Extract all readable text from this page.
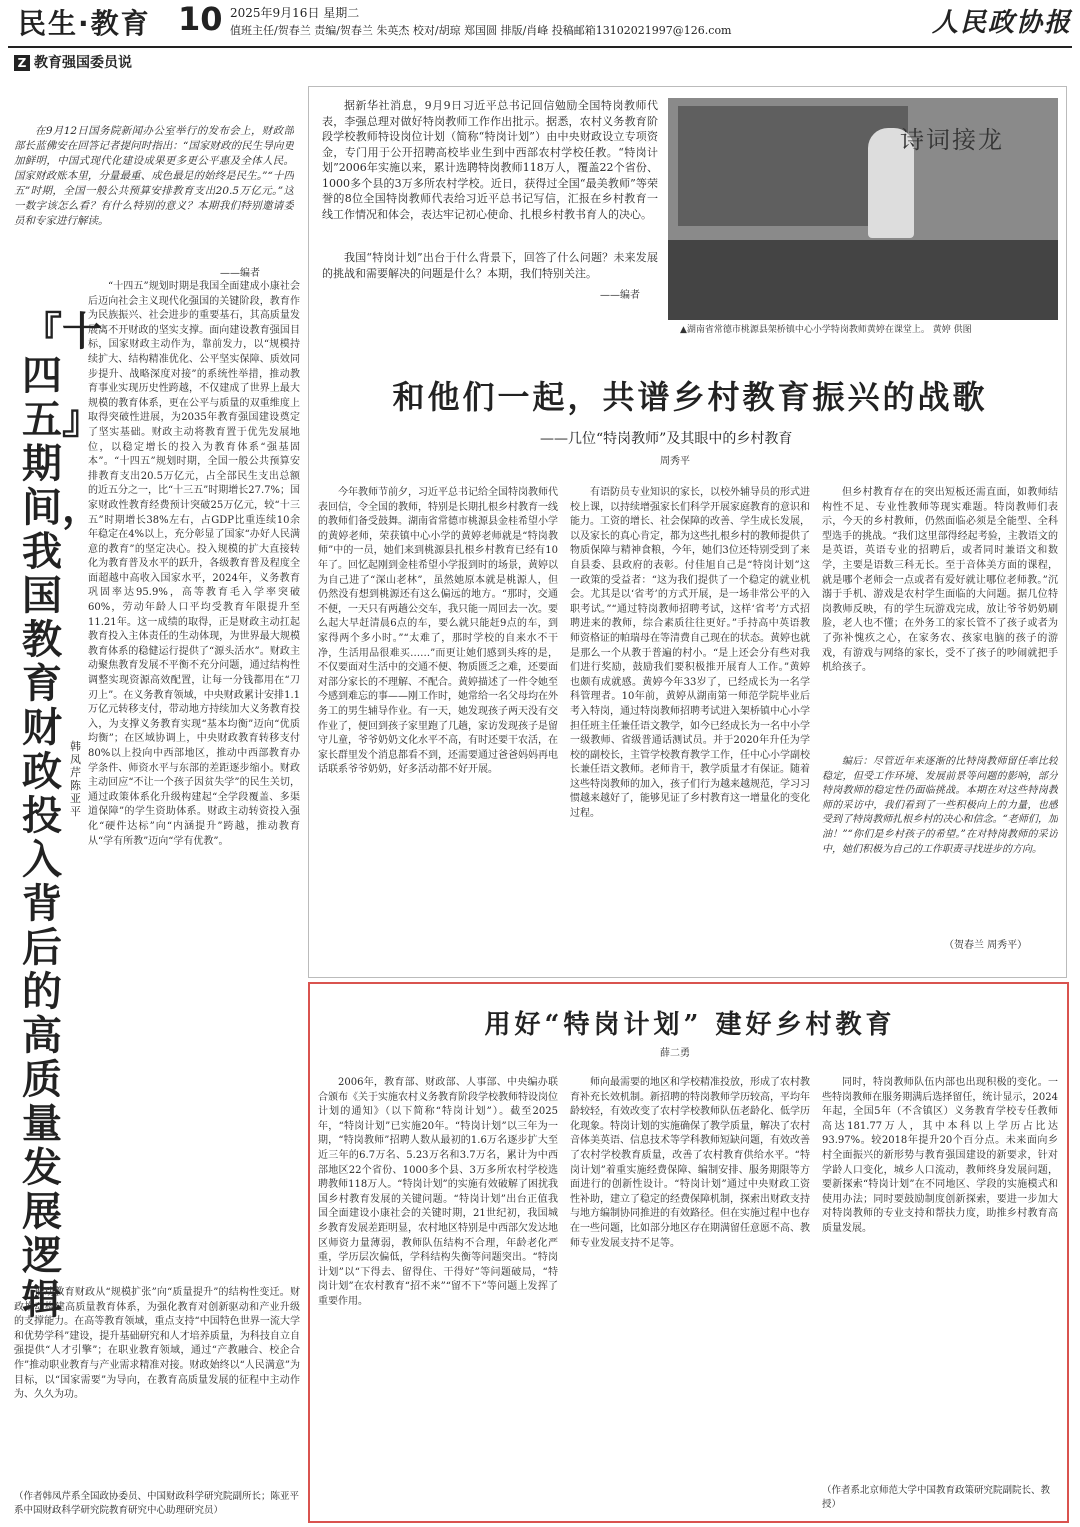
民生·教育 10 2025年9月16日 星期二
值班主任/贺春兰 责编/贺春兰 朱英杰 校对/胡琼 郑国圆 排版/肖峰 投稿邮箱13102021997@126.com	人民政协报
Z 教育强国委员说

在9月12日国务院新闻办公室举行的发布会上，财政部部长蓝佛安在回答记者提问时指出：“国家财政的民生导向更加鲜明，中国式现代化建设成果更多更公平惠及全体人民。国家财政账本里，分量最重、成色最足的始终是民生。”“十四五”时期，全国一般公共预算安排教育支出20.5万亿元。”这一数字该怎么看？有什么特别的意义？本期我们特别邀请委员和专家进行解读。

——编者
『十四五』期间，我国教育财政投入背后的高质量发展逻辑
韩凤芹 陈亚平

“十四五”规划时期是我国全面建成小康社会后迈向社会主义现代化强国的关键阶段，教育作为民族振兴、社会进步的重要基石，其高质量发展离不开财政的坚实支撑。面向建设教育强国目标，国家财政主动作为，靠前发力，以“规模持续扩大、结构精准优化、公平坚实保障、质效同步提升、战略深度对接”的系统性举措，推动教育事业实现历史性跨越，不仅建成了世界上最大规模的教育体系，更在公平与质量的双重维度上取得突破性进展，为2035年教育强国建设奠定了坚实基础。财政主动将教育置于优先发展地位，以稳定增长的投入为教育体系“强基固本”。“十四五”规划时期，全国一般公共预算安排教育支出20.5万亿元，占全部民生支出总额的近五分之一，比“十三五”时期增长27.7%；国家财政性教育经费预计突破25万亿元，较“十三五”时期增长38%左右，占GDP比重连续10余年稳定在4%以上，充分彰显了国家“办好人民满意的教育”的坚定决心。投入规模的扩大直接转化为教育普及水平的跃升，各级教育普及程度全面超越中高收入国家水平，2024年，义务教育巩固率达95.9%，高等教育毛入学率突破60%，劳动年龄人口平均受教育年限提升至11.21年。这一成绩的取得，正是财政主动扛起教育投入主体责任的生动体现，为世界最大规模教育体系的稳健运行提供了“源头活水”。财政主动聚焦教育发展不平衡不充分问题，通过结构性调整实现资源高效配置，让每一分钱都用在“刀刃上”。在义务教育领域，中央财政累计安排1.1万亿元转移支付，带动地方持续加大义务教育投入，为支撑义务教育实现“基本均衡”迈向“优质均衡”；在区域协调上，中央财政教育转移支付80%以上投向中西部地区，推动中西部教育办学条件、师资水平与东部的差距逐步缩小。财政主动回应“不让一个孩子因贫失学”的民生关切，通过政策体系化升级构建起“全学段覆盖、多渠道保障”的学生资助体系。财政主动转资投入强化“硬件达标”向“内涵提升”跨越，推动教育从“学有所教”迈向“学有优教”。

推动教育财政从“规模扩张”向“质量提升”的结构性变迁。财政推动构建高质量教育体系，为强化教育对创新驱动和产业升级的支撑能力。在高等教育领域，重点支持“中国特色世界一流大学和优势学科”建设，提升基础研究和人才培养质量，为科技自立自强提供“人才引擎”；在职业教育领域，通过“产教融合、校企合作”推动职业教育与产业需求精准对接。财政始终以“人民满意”为目标，以“国家需要”为导向，在教育高质量发展的征程中主动作为、久久为功。

（作者韩凤芹系全国政协委员、中国财政科学研究院副所长；陈亚平系中国财政科学研究院教育研究中心助理研究员）

据新华社消息，9月9日习近平总书记回信勉励全国特岗教师代表，李强总理对做好特岗教师工作作出批示。据悉，农村义务教育阶段学校教师特设岗位计划（简称“特岗计划”）由中央财政设立专项资金，专门用于公开招聘高校毕业生到中西部农村学校任教。“特岗计划”2006年实施以来，累计选聘特岗教师118万人，覆盖22个省份、1000多个县的3万多所农村学校。近日，获得过全国“最美教师”等荣誉的8位全国特岗教师代表给习近平总书记写信，汇报在乡村教育一线工作情况和体会，表达牢记初心使命、扎根乡村教书育人的决心。

我国“特岗计划”出台于什么背景下，回答了什么问题？未来发展的挑战和需要解决的问题是什么？本期，我们特别关注。

——编者
诗词接龙
▲湖南省常德市桃源县架桥镇中心小学特岗教师黄婷在课堂上。 黄婷 供图
和他们一起，共谱乡村教育振兴的战歌
——几位“特岗教师”及其眼中的乡村教育
周秀平

今年教师节前夕，习近平总书记给全国特岗教师代表回信，令全国的教师，特别是长期扎根乡村教育一线的教师们备受鼓舞。湖南省常德市桃源县金桂希望小学的黄婷老师，荣获镇中心小学的黄婷老师就是“特岗教师”中的一员，她们来到桃源县扎根乡村教育已经有10年了。回忆起刚到金桂希望小学报到时的场景，黄婷以为自己进了“深山老林”，虽然她原本就是桃源人，但仍然没有想到桃源还有这么偏远的地方。“那时，交通不便，一天只有两趟公交车，我只能一周回去一次。要么起大早赶清晨6点的车，要么就只能赶9点的车，到家得两个多小时。”“太难了，那时学校的自来水不干净，生活用品很难买……”而更让她们感到头疼的是，不仅要面对生活中的交通不便、物质匮乏之难，还要面对部分家长的不理解、不配合。黄婷描述了一件令她至今感到难忘的事——刚工作时，她常给一名父母均在外务工的男生辅导作业。有一天，她发现孩子两天没有交作业了，便回到孩子家里跑了几趟，家访发现孩子是留守儿童，爷爷奶奶文化水平不高，有时还要干农活，在家长群里发个消息都看不到，还需要通过爸爸妈妈再电话联系爷爷奶奶，好多活动都不好开展。

有语防员专业知识的家长，以校外辅导员的形式进校上课，以持续增强家长们科学开展家庭教育的意识和能力。工资的增长、社会保障的改善、学生成长发展，以及家长的真心肯定，都为这些扎根乡村的教师提供了物质保障与精神食粮，今年，她们3位还特别受到了来自县委、县政府的表彰。付佳旭自己是“特岗计划”这一政策的受益者：“这为我们提供了一个稳定的就业机会。尤其是以‘省考’的方式开展，是一场非常公平的入职考试。”“通过特岗教师招聘考试，这样‘省考’方式招聘进来的教师，综合素质往往更好。”手持高中英语教师资格证的帕瑞母在等清费自己现在的状态。黄婷也就是那么一个从教于普遍的村小。“是上还会分有些对我们进行奖励，鼓励我们要积极推开展育人工作。”黄婷也颇有成就感。黄婷今年33岁了，已经成长为一名学科管理者。10年前，黄婷从湖南第一师范学院毕业后考入特岗，通过特岗教师招聘考试进入架桥镇中心小学担任班主任兼任语文教学，如今已经成长为一名中小学一级教师、省级普通话测试员。并于2020年升任为学校的副校长，主管学校教育教学工作，任中心小学副校长兼任语文教师。老师肯干，教学质量才有保证。随着这些特岗教师的加入，孩子们行为越来越规范，学习习惯越来越好了，能够见证了乡村教育这一增量化的变化过程。

但乡村教育存在的突出短板还需直面，如教师结构性不足、专业性教师等现实难题。特岗教师们表示，今天的乡村教师，仍然面临必须是全能型、全科型选手的挑战。“我们这里部得经起考验，主教语文的是英语，英语专业的招聘后，或者同时兼语文和数学，主要是语数三科无长。至于音体美方面的课程，就是哪个老师会一点或者有爱好就让哪位老师教。”沉溺于手机、游戏是农村学生面临的大问题。据几位特岗教师反映，有的学生玩游戏完成，放让爷爷奶奶刷脸，老人也不懂；在外务工的家长管不了孩子或者为了弥补愧疚之心，在家务农、孩家电脑的孩子的游戏，有游戏与网络的家长，受不了孩子的吵闹就把手机给孩子。

编后：尽管近年来逐渐的比特岗教师留任率比较稳定，但受工作环境、发展前景等问题的影响，部分特岗教师的稳定性仍面临挑战。本期在对这些特岗教师的采访中，我们看到了一些积极向上的力量，也感受到了特岗教师扎根乡村的决心和信念。“老师们，加油！”“你们是乡村孩子的希望。”在对特岗教师的采访中，她们积极为自己的工作职责寻找进步的方向。

（贺春兰 周秀平）
用好“特岗计划” 建好乡村教育
薛二勇

2006年，教育部、财政部、人事部、中央编办联合颁布《关于实施农村义务教育阶段学校教师特设岗位计划的通知》（以下简称“特岗计划”）。截至2025年，“特岗计划”已实施20年。“特岗计划”以三年为一期，“特岗教师”招聘人数从最初的1.6万名逐步扩大至近三年的6.7万名、5.23万名和3.7万名，累计为中西部地区22个省份、1000多个县、3万多所农村学校选聘教师118万人。“特岗计划”的实施有效破解了困扰我国乡村教育发展的关键问题。“特岗计划”出台正值我国全面建设小康社会的关键时期，21世纪初，我国城乡教育发展差距明显，农村地区特别是中西部欠发达地区师资力量薄弱，教师队伍结构不合理，年龄老化严重，学历层次偏低，学科结构失衡等问题突出。“特岗计划”以“下得去、留得住、干得好”等问题破局，“特岗计划”在农村教育“招不来”“留不下”等问题上发挥了重要作用。

师向最需要的地区和学校精准投放，形成了农村教育补充长效机制。新招聘的特岗教师学历较高，平均年龄较轻，有效改变了农村学校教师队伍老龄化、低学历化现象。特岗计划的实施确保了教学质量，解决了农村音体美英语、信息技术等学科教师短缺问题，有效改善了农村学校教育质量，改善了农村教育供给水平。“特岗计划”着重实施经费保障、编制安排、服务期限等方面进行的创新性设计。“特岗计划”通过中央财政工资性补助，建立了稳定的经费保障机制，探索出财政支持与地方编制协同推进的有效路径。但在实施过程中也存在一些问题，比如部分地区存在期满留任意愿不高、教师专业发展支持不足等。

同时，特岗教师队伍内部也出现积极的变化。一些特岗教师在服务期满后选择留任，统计显示，2024年起，全国5年（不含镇区）义务教育学校专任教师高达181.77万人，其中本科以上学历占比达93.97%。较2018年提升20个百分点。未来面向乡村全面振兴的新形势与教育强国建设的新要求，针对学龄人口变化，城乡人口流动，教师终身发展问题，要新探索“特岗计划”在不同地区、学段的实施模式和使用办法；同时要鼓励制度创新探索，要进一步加大对特岗教师的专业支持和帮扶力度，助推乡村教育高质量发展。

（作者系北京师范大学中国教育政策研究院副院长、教授）
